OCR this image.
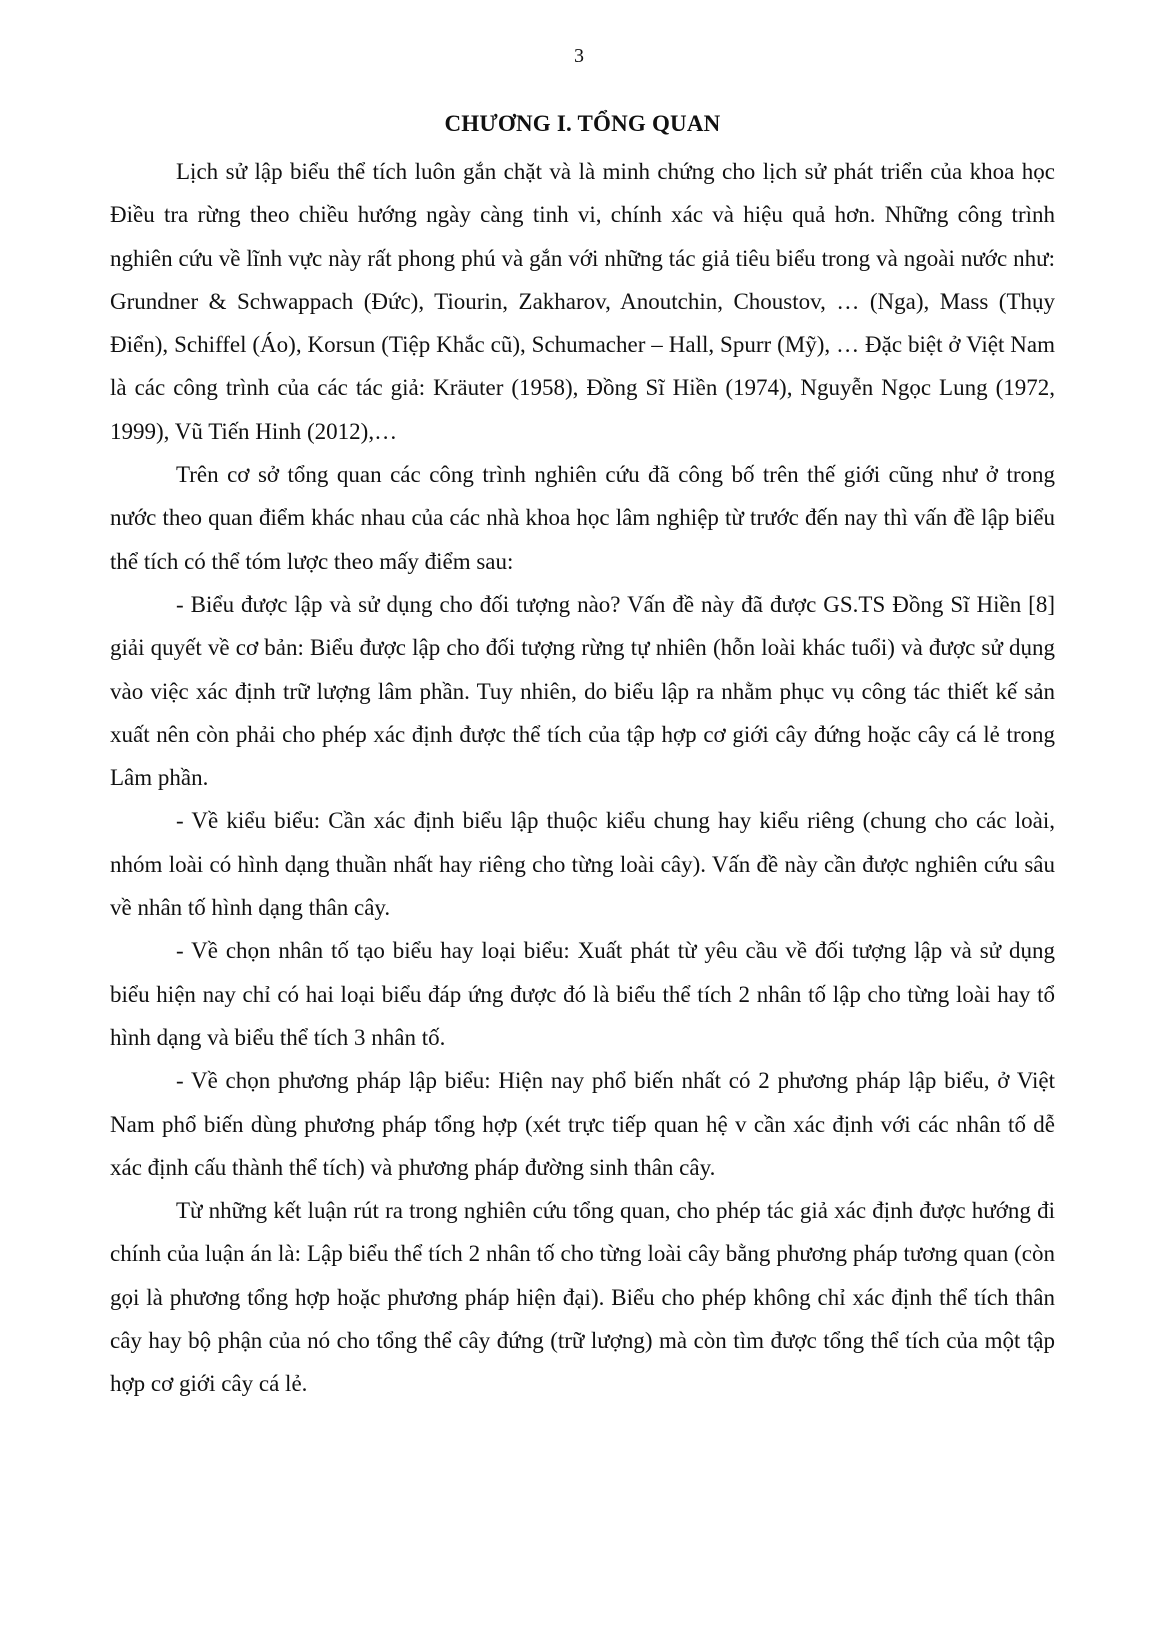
3
CHƯƠNG I. TỔNG QUAN

Lịch sử lập biểu thể tích luôn gắn chặt và là minh chứng cho lịch sử phát triển của khoa học Điều tra rừng theo chiều hướng ngày càng tinh vi, chính xác và hiệu quả hơn. Những công trình nghiên cứu về lĩnh vực này rất phong phú và gắn với những tác giả tiêu biểu trong và ngoài nước như: Grundner & Schwappach (Đức), Tiourin, Zakharov, Anoutchin, Choustov, … (Nga), Mass (Thụy Điển), Schiffel (Áo), Korsun (Tiệp Khắc cũ), Schumacher – Hall, Spurr (Mỹ), … Đặc biệt ở Việt Nam là các công trình của các tác giả: Kräuter (1958), Đồng Sĩ Hiền (1974), Nguyễn Ngọc Lung (1972, 1999), Vũ Tiến Hinh (2012),…

Trên cơ sở tổng quan các công trình nghiên cứu đã công bố trên thế giới cũng như ở trong nước theo quan điểm khác nhau của các nhà khoa học lâm nghiệp từ trước đến nay thì vấn đề lập biểu thể tích có thể tóm lược theo mấy điểm sau:

- Biểu được lập và sử dụng cho đối tượng nào? Vấn đề này đã được GS.TS Đồng Sĩ Hiền [8] giải quyết về cơ bản: Biểu được lập cho đối tượng rừng tự nhiên (hỗn loài khác tuổi) và được sử dụng vào việc xác định trữ lượng lâm phần. Tuy nhiên, do biểu lập ra nhằm phục vụ công tác thiết kế sản xuất nên còn phải cho phép xác định được thể tích của tập hợp cơ giới cây đứng hoặc cây cá lẻ trong Lâm phần.

- Về kiểu biểu: Cần xác định biểu lập thuộc kiểu chung hay kiểu riêng (chung cho các loài, nhóm loài có hình dạng thuần nhất hay riêng cho từng loài cây). Vấn đề này cần được nghiên cứu sâu về nhân tố hình dạng thân cây.

- Về chọn nhân tố tạo biểu hay loại biểu: Xuất phát từ yêu cầu về đối tượng lập và sử dụng biểu hiện nay chỉ có hai loại biểu đáp ứng được đó là biểu thể tích 2 nhân tố lập cho từng loài hay tổ hình dạng và biểu thể tích 3 nhân tố.

- Về chọn phương pháp lập biểu: Hiện nay phổ biến nhất có 2 phương pháp lập biểu, ở Việt Nam phổ biến dùng phương pháp tổng hợp (xét trực tiếp quan hệ v cần xác định với các nhân tố dễ xác định cấu thành thể tích) và phương pháp đường sinh thân cây.

Từ những kết luận rút ra trong nghiên cứu tổng quan, cho phép tác giả xác định được hướng đi chính của luận án là: Lập biểu thể tích 2 nhân tố cho từng loài cây bằng phương pháp tương quan (còn gọi là phương tổng hợp hoặc phương pháp hiện đại). Biểu cho phép không chỉ xác định thể tích thân cây hay bộ phận của nó cho tổng thể cây đứng (trữ lượng) mà còn tìm được tổng thể tích của một tập hợp cơ giới cây cá lẻ.
